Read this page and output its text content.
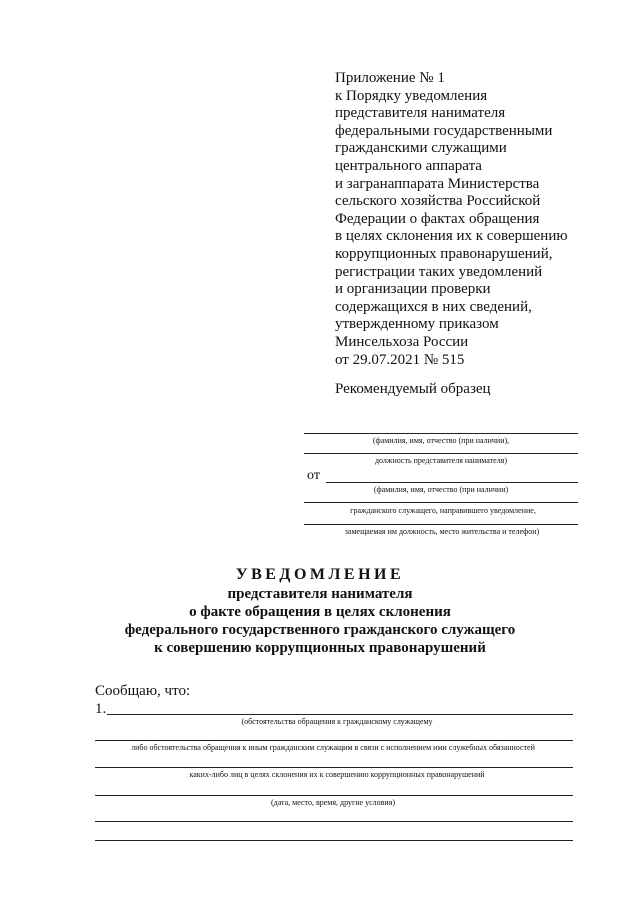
Приложение № 1
к Порядку уведомления
представителя нанимателя
федеральными государственными
гражданскими служащими
центрального аппарата
и загранаппарата Министерства
сельского хозяйства Российской
Федерации о фактах обращения
в целях склонения их к совершению
коррупционных правонарушений,
регистрации таких уведомлений
и организации проверки
содержащихся в них сведений,
утвержденному приказом
Минсельхоза России
от 29.07.2021 № 515
Рекомендуемый образец
(фамилия, имя, отчество (при наличии),
должность представителя нанимателя)
от
(фамилия, имя, отчество (при наличии)
гражданского служащего, направившего уведомление,
замещаемая им должность, место жительства и телефон)
УВЕДОМЛЕНИЕ
представителя нанимателя
о факте обращения в целях склонения
федерального государственного гражданского служащего
к совершению коррупционных правонарушений
Сообщаю, что:
1.
(обстоятельства обращения к гражданскому служащему
либо обстоятельства обращения к иным гражданским служащим в связи с исполнением ими служебных обязанностей
каких-либо лиц в целях склонения их к совершению коррупционных правонарушений
(дата, место, время, другие условия)
